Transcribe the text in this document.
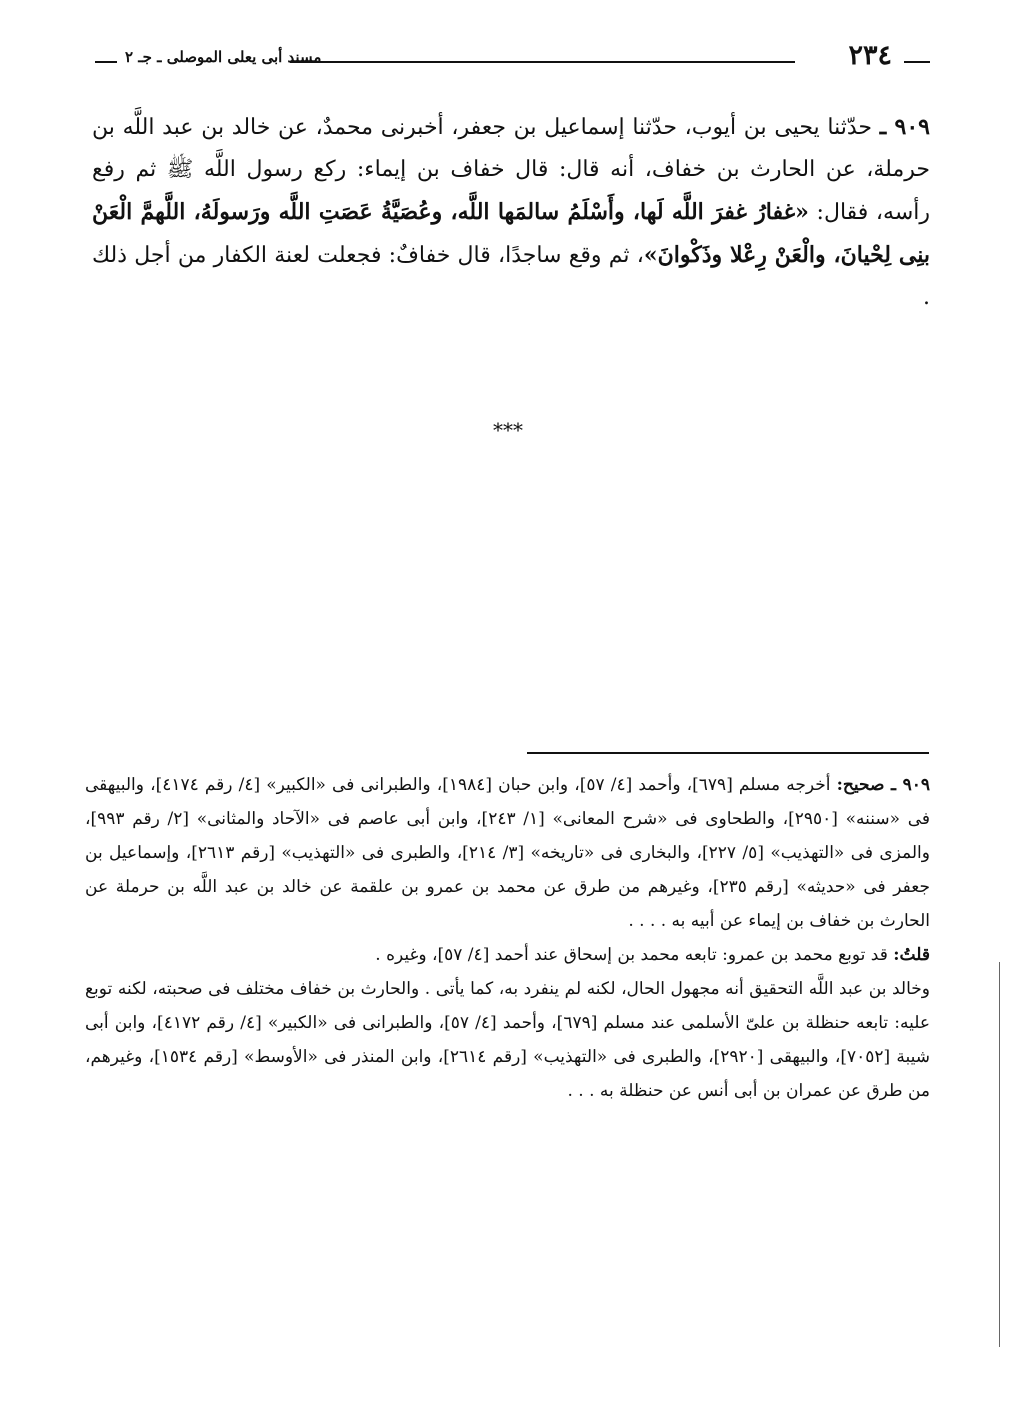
٢٣٤
مسند أبى يعلى الموصلى ـ جـ ٢

٩٠٩ ـ حدّثنا يحيى بن أيوب، حدّثنا إسماعيل بن جعفر، أخبرنى محمدٌ، عن خالد بن عبد اللَّه بن حرملة، عن الحارث بن خفاف، أنه قال: قال خفاف بن إيماء: ركع رسول اللَّه ﷺ ثم رفع رأسه، فقال: «غفارُ غفرَ اللَّه لَها، وأَسْلَمُ سالمَها اللَّه، وعُصَيَّةُ عَصَتِ اللَّه ورَسولَهُ، اللَّهمَّ الْعَنْ بنِى لِحْيانَ، والْعَنْ رِعْلا وذَكْوانَ»، ثم وقع ساجدًا، قال خفافٌ: فجعلت لعنة الكفار من أجل ذلك .

***

٩٠٩ ـ صحيح: أخرجه مسلم [٦٧٩]، وأحمد [٤/ ٥٧]، وابن حبان [١٩٨٤]، والطبرانى فى «الكبير» [٤/ رقم ٤١٧٤]، والبيهقى فى «سننه» [٢٩٥٠]، والطحاوى فى «شرح المعانى» [١/ ٢٤٣]، وابن أبى عاصم فى «الآحاد والمثانى» [٢/ رقم ٩٩٣]، والمزى فى «التهذيب» [٥/ ٢٢٧]، والبخارى فى «تاريخه» [٣/ ٢١٤]، والطبرى فى «التهذيب» [رقم ٢٦١٣]، وإسماعيل بن جعفر فى «حديثه» [رقم ٢٣٥]، وغيرهم من طرق عن محمد بن عمرو بن علقمة عن خالد بن عبد اللَّه بن حرملة عن الحارث بن خفاف بن إيماء عن أبيه به . . . .

قلتُ: قد توبع محمد بن عمرو: تابعه محمد بن إسحاق عند أحمد [٤/ ٥٧]، وغيره .

وخالد بن عبد اللَّه التحقيق أنه مجهول الحال، لكنه لم ينفرد به، كما يأتى . والحارث بن خفاف مختلف فى صحبته، لكنه توبع عليه: تابعه حنظلة بن علىّ الأسلمى عند مسلم [٦٧٩]، وأحمد [٤/ ٥٧]، والطبرانى فى «الكبير» [٤/ رقم ٤١٧٢]، وابن أبى شيبة [٧٠٥٢]، والبيهقى [٢٩٢٠]، والطبرى فى «التهذيب» [رقم ٢٦١٤]، وابن المنذر فى «الأوسط» [رقم ١٥٣٤]، وغيرهم، من طرق عن عمران بن أبى أنس عن حنظلة به . . .
